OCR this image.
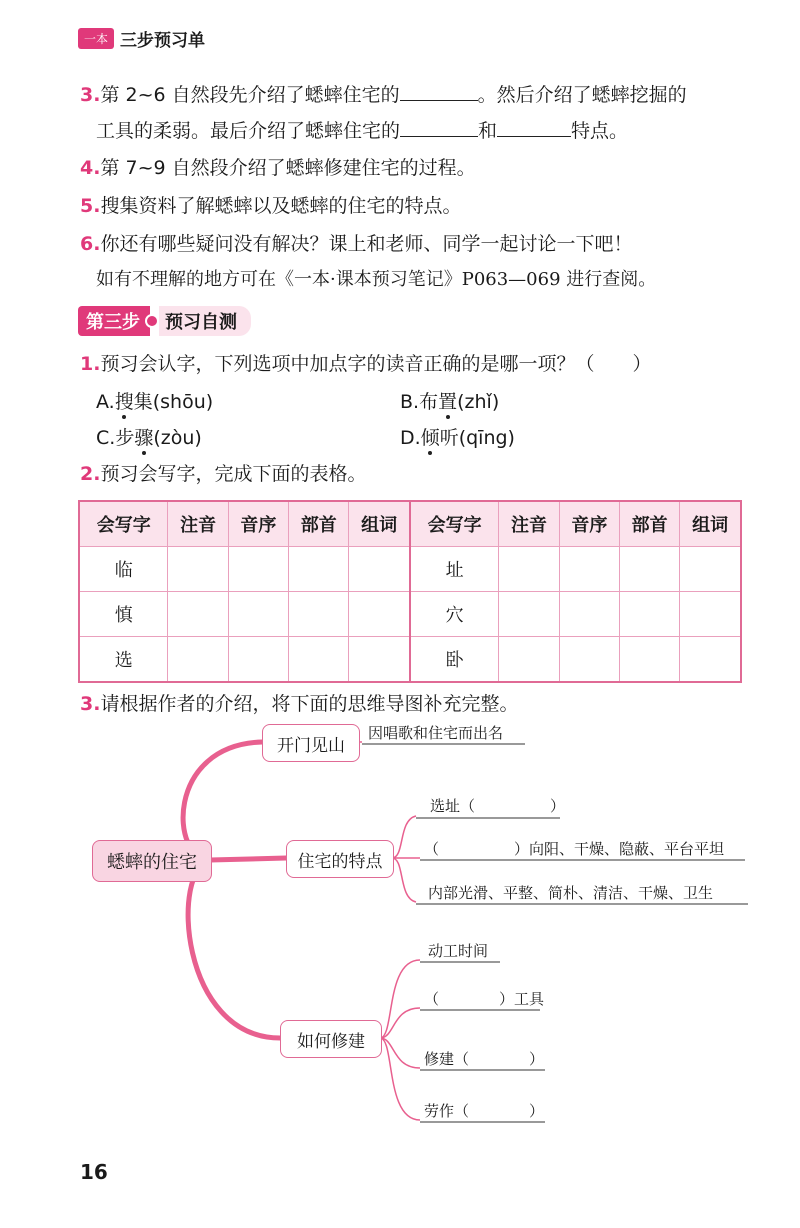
一本 三步预习单
3.第 2~6 自然段先介绍了蟋蟀住宅的	。然后介绍了蟋蟀挖掘的
工具的柔弱。最后介绍了蟋蟀住宅的	和	特点。
4.第 7~9 自然段介绍了蟋蟀修建住宅的过程。
5.搜集资料了解蟋蟀以及蟋蟀的住宅的特点。
6.你还有哪些疑问没有解决？课上和老师、同学一起讨论一下吧！
如有不理解的地方可在《一本·课本预习笔记》P063—069 进行查阅。
第三步	预习自测
1.预习会认字，下列选项中加点字的读音正确的是哪一项？（　　）
A.搜集(shōu)	B.布置(zhǐ)
C.步骤(zòu)	D.倾听(qīng)
2.预习会写字，完成下面的表格。
会写字	注音	音序	部首	组词	会写字	注音	音序	部首	组词
临					址				
慎					穴				
选					卧				
3.请根据作者的介绍，将下面的思维导图补充完整。
蟋蟀的住宅
开门见山
因唱歌和住宅而出名
住宅的特点
选址（　　　　　）
（　　　　　）向阳、干燥、隐蔽、平台平坦
内部光滑、平整、简朴、清洁、干燥、卫生
如何修建
动工时间
（　　　　）工具
修建（　　　　）
劳作（　　　　）
16
